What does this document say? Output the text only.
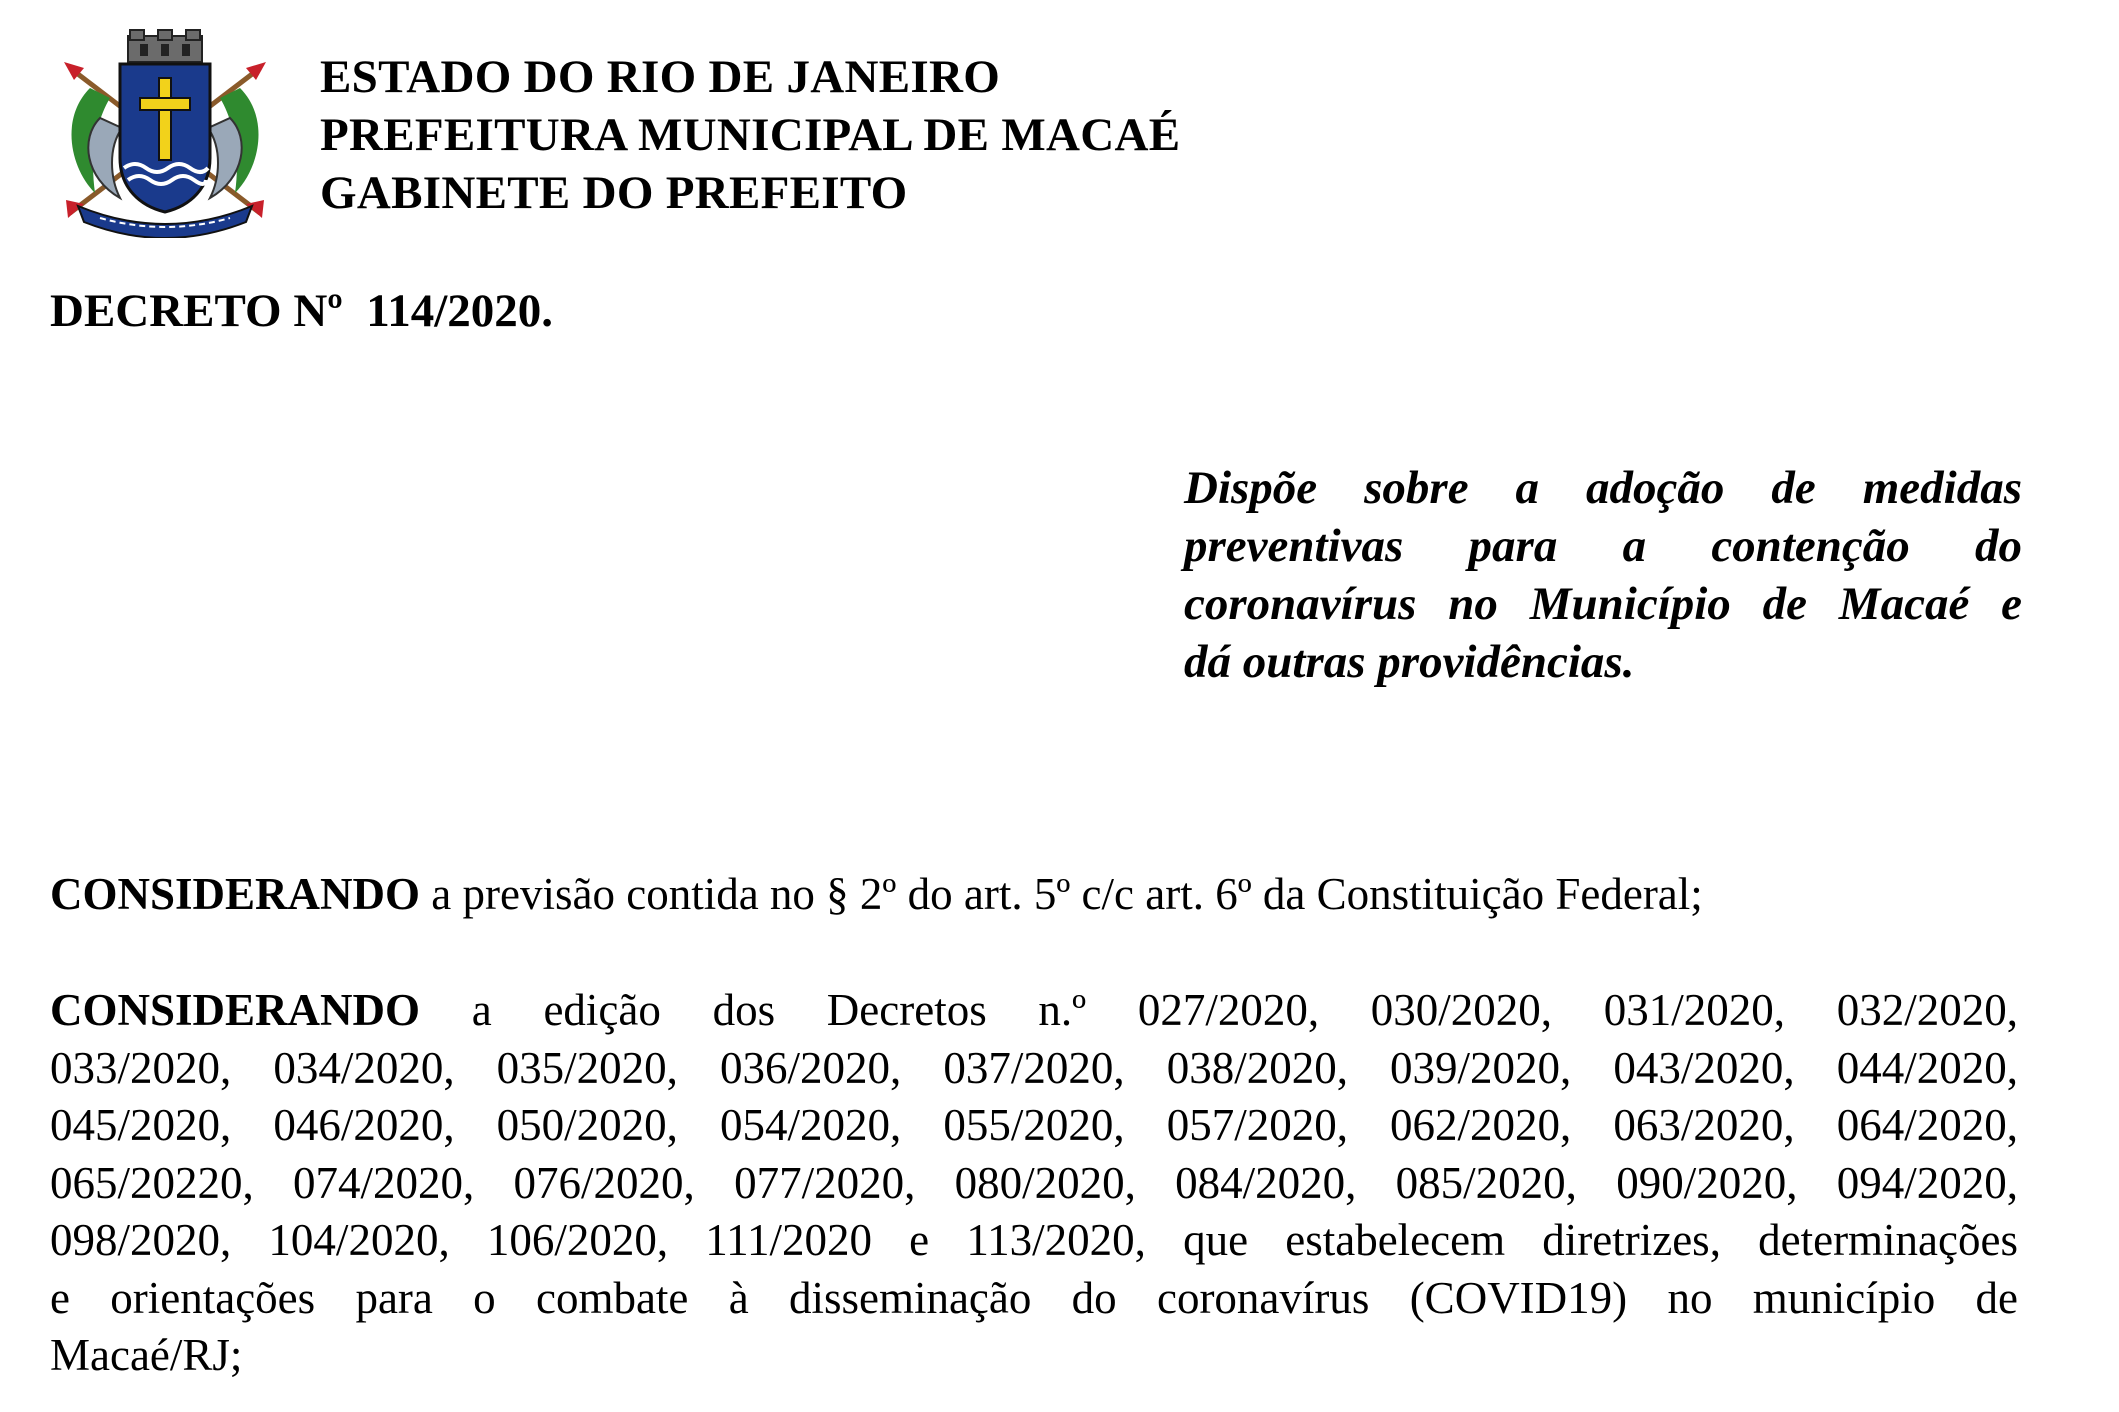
ESTADO DO RIO DE JANEIRO
PREFEITURA MUNICIPAL DE MACAÉ
GABINETE DO PREFEITO
DECRETO Nº  114/2020.
Dispõe sobre a adoção de medidas
preventivas para a contenção do
coronavírus no Município de Macaé e
dá outras providências.
CONSIDERANDO a previsão contida no § 2º do art. 5º c/c art. 6º da Constituição Federal;
CONSIDERANDO a edição dos Decretos n.º 027/2020, 030/2020, 031/2020, 032/2020,
033/2020, 034/2020, 035/2020, 036/2020, 037/2020, 038/2020, 039/2020, 043/2020, 044/2020,
045/2020, 046/2020, 050/2020, 054/2020, 055/2020, 057/2020, 062/2020, 063/2020, 064/2020,
065/20220, 074/2020, 076/2020, 077/2020, 080/2020, 084/2020, 085/2020, 090/2020, 094/2020,
098/2020, 104/2020, 106/2020, 111/2020 e 113/2020, que estabelecem diretrizes, determinações
e orientações para o combate à disseminação do coronavírus (COVID19) no município de
Macaé/RJ;
